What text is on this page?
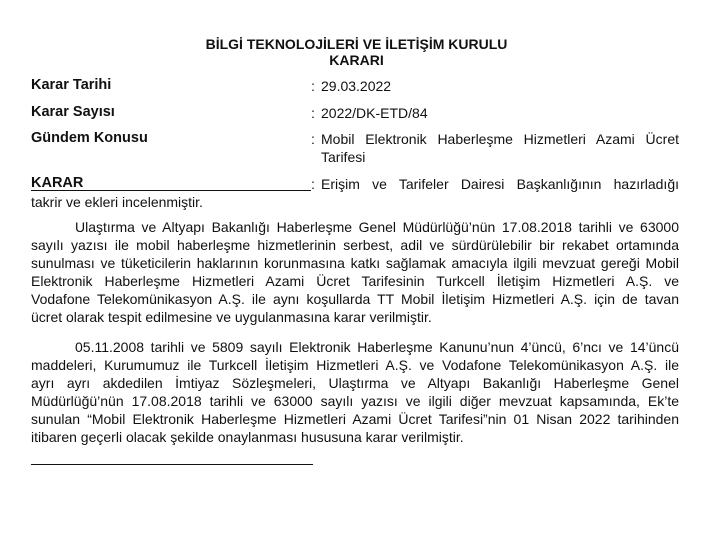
BİLGİ TEKNOLOJİLERİ VE İLETİŞİM KURULU
KARARI
Karar Tarihi	: 29.03.2022
Karar Sayısı	: 2022/DK-ETD/84
Gündem Konusu	: Mobil Elektronik Haberleşme Hizmetleri Azami Ücret
Tarifesi
KARAR	: Erişim ve Tarifeler Dairesi Başkanlığının hazırladığı
takrir ve ekleri incelenmiştir.
Ulaştırma ve Altyapı Bakanlığı Haberleşme Genel Müdürlüğü’nün 17.08.2018 tarihli ve 63000
sayılı yazısı ile mobil haberleşme hizmetlerinin serbest, adil ve sürdürülebilir bir rekabet ortamında
sunulması ve tüketicilerin haklarının korunmasına katkı sağlamak amacıyla ilgili mevzuat gereği Mobil
Elektronik Haberleşme Hizmetleri Azami Ücret Tarifesinin Turkcell İletişim Hizmetleri A.Ş. ve
Vodafone Telekomünikasyon A.Ş. ile aynı koşullarda TT Mobil İletişim Hizmetleri A.Ş. için de tavan
ücret olarak tespit edilmesine ve uygulanmasına karar verilmiştir.
05.11.2008 tarihli ve 5809 sayılı Elektronik Haberleşme Kanunu’nun 4’üncü, 6’ncı ve 14’üncü
maddeleri, Kurumumuz ile Turkcell İletişim Hizmetleri A.Ş. ve Vodafone Telekomünikasyon A.Ş. ile
ayrı ayrı akdedilen İmtiyaz Sözleşmeleri, Ulaştırma ve Altyapı Bakanlığı Haberleşme Genel
Müdürlüğü’nün 17.08.2018 tarihli ve 63000 sayılı yazısı ve ilgili diğer mevzuat kapsamında, Ek’te
sunulan “Mobil Elektronik Haberleşme Hizmetleri Azami Ücret Tarifesi”nin 01 Nisan 2022 tarihinden
itibaren geçerli olacak şekilde onaylanması hususuna karar verilmiştir.
